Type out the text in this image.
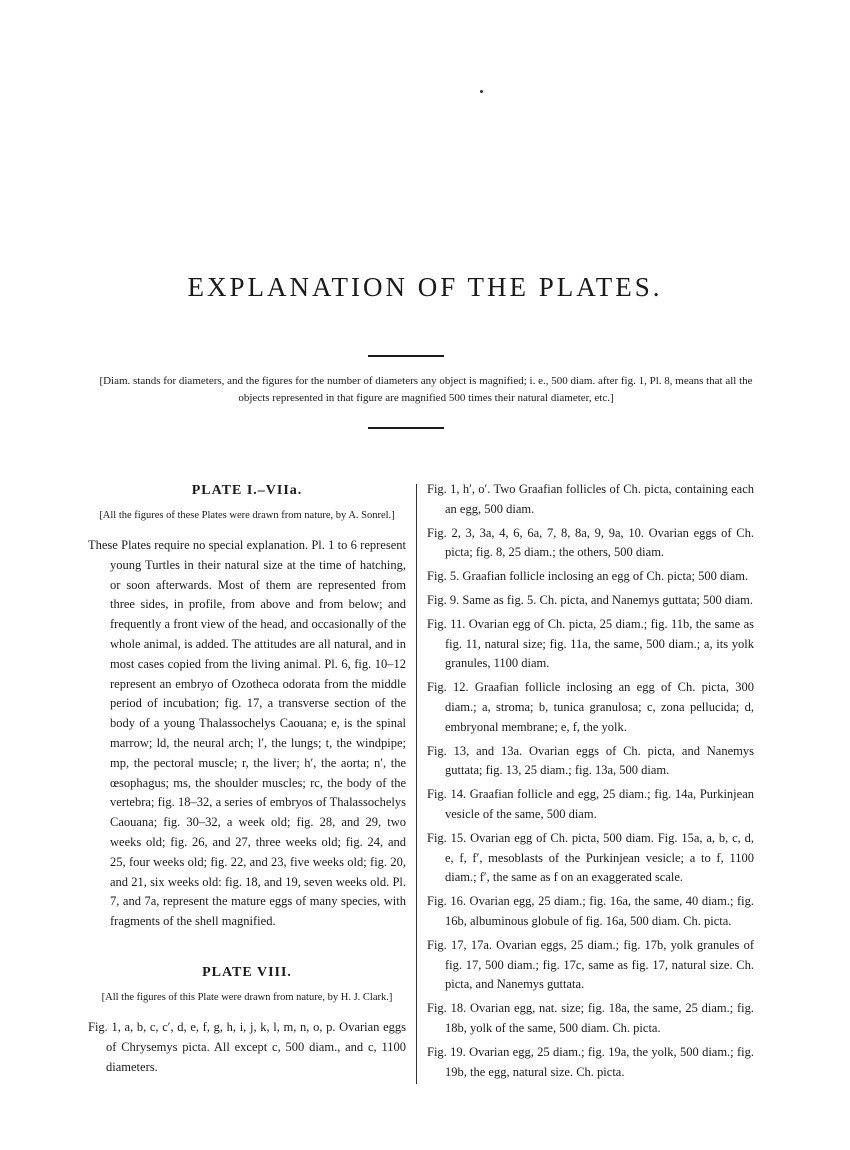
EXPLANATION OF THE PLATES.
[Diam. stands for diameters, and the figures for the number of diameters any object is magnified; i. e., 500 diam. after fig. 1, Pl. 8, means that all the objects represented in that figure are magnified 500 times their natural diameter, etc.]
PLATE I.–VIIa.
[All the figures of these Plates were drawn from nature, by A. Sonrel.]

These Plates require no special explanation. Pl. 1 to 6 represent young Turtles in their natural size at the time of hatching, or soon afterwards. Most of them are represented from three sides, in profile, from above and from below; and frequently a front view of the head, and occasionally of the whole animal, is added. The attitudes are all natural, and in most cases copied from the living animal. Pl. 6, fig. 10–12 represent an embryo of Ozotheca odorata from the middle period of incubation; fig. 17, a transverse section of the body of a young Thalassochelys Caouana; e, is the spinal marrow; ld, the neural arch; l′, the lungs; t, the windpipe; mp, the pectoral muscle; r, the liver; h′, the aorta; n′, the œsophagus; ms, the shoulder muscles; rc, the body of the vertebra; fig. 18–32, a series of embryos of Thalassochelys Caouana; fig. 30–32, a week old; fig. 28, and 29, two weeks old; fig. 26, and 27, three weeks old; fig. 24, and 25, four weeks old; fig. 22, and 23, five weeks old; fig. 20, and 21, six weeks old: fig. 18, and 19, seven weeks old. Pl. 7, and 7a, represent the mature eggs of many species, with fragments of the shell magnified.

PLATE VIII.
[All the figures of this Plate were drawn from nature, by H. J. Clark.]

Fig. 1, a, b, c, c′, d, e, f, g, h, i, j, k, l, m, n, o, p. Ovarian eggs of Chrysemys picta. All except c, 500 diam., and c, 1100 diameters.

Fig. 1, h′, o′. Two Graafian follicles of Ch. picta, containing each an egg, 500 diam.

Fig. 2, 3, 3a, 4, 6, 6a, 7, 8, 8a, 9, 9a, 10. Ovarian eggs of Ch. picta; fig. 8, 25 diam.; the others, 500 diam.

Fig. 5. Graafian follicle inclosing an egg of Ch. picta; 500 diam.

Fig. 9. Same as fig. 5. Ch. picta, and Nanemys guttata; 500 diam.

Fig. 11. Ovarian egg of Ch. picta, 25 diam.; fig. 11b, the same as fig. 11, natural size; fig. 11a, the same, 500 diam.; a, its yolk granules, 1100 diam.

Fig. 12. Graafian follicle inclosing an egg of Ch. picta, 300 diam.; a, stroma; b, tunica granulosa; c, zona pellucida; d, embryonal membrane; e, f, the yolk.

Fig. 13, and 13a. Ovarian eggs of Ch. picta, and Nanemys guttata; fig. 13, 25 diam.; fig. 13a, 500 diam.

Fig. 14. Graafian follicle and egg, 25 diam.; fig. 14a, Purkinjean vesicle of the same, 500 diam.

Fig. 15. Ovarian egg of Ch. picta, 500 diam. Fig. 15a, a, b, c, d, e, f, f′, mesoblasts of the Purkinjean vesicle; a to f, 1100 diam.; f′, the same as f on an exaggerated scale.

Fig. 16. Ovarian egg, 25 diam.; fig. 16a, the same, 40 diam.; fig. 16b, albuminous globule of fig. 16a, 500 diam. Ch. picta.

Fig. 17, 17a. Ovarian eggs, 25 diam.; fig. 17b, yolk granules of fig. 17, 500 diam.; fig. 17c, same as fig. 17, natural size. Ch. picta, and Nanemys guttata.

Fig. 18. Ovarian egg, nat. size; fig. 18a, the same, 25 diam.; fig. 18b, yolk of the same, 500 diam. Ch. picta.

Fig. 19. Ovarian egg, 25 diam.; fig. 19a, the yolk, 500 diam.; fig. 19b, the egg, natural size. Ch. picta.
